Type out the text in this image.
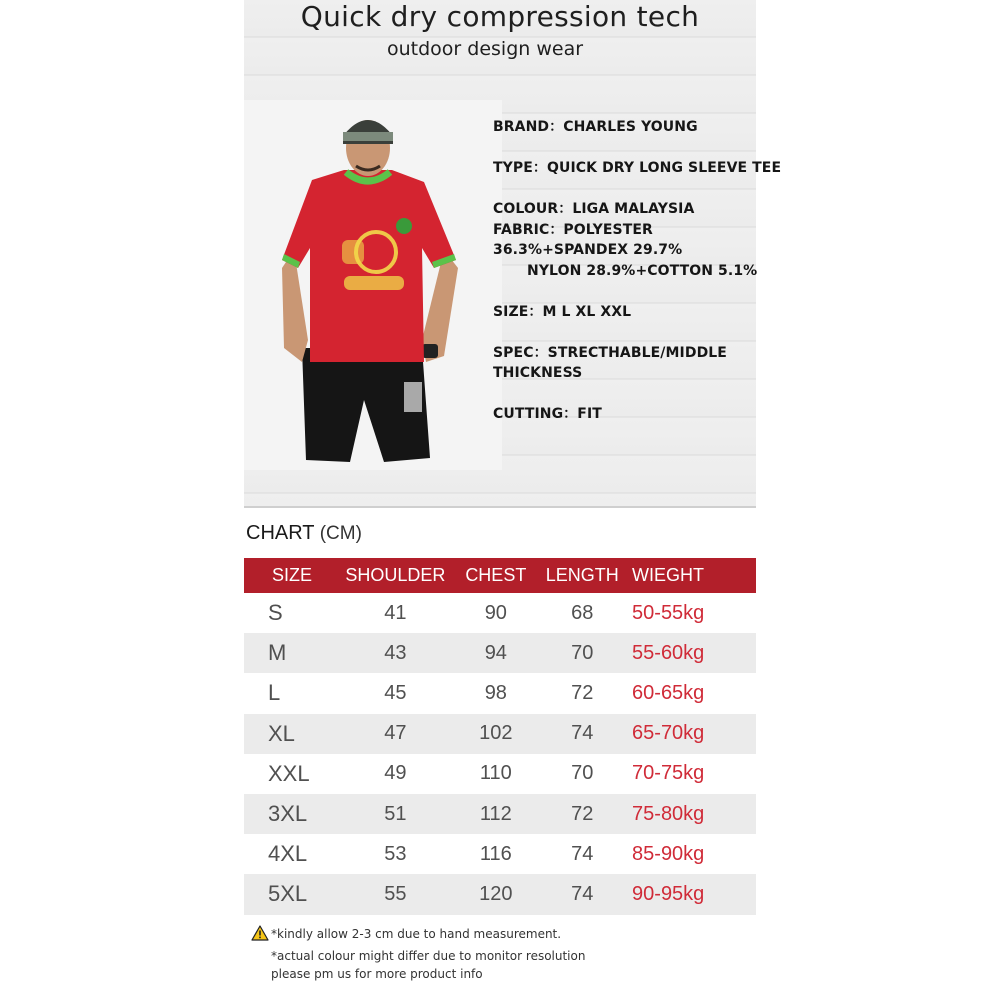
Quick dry compression tech
outdoor design wear
BRAND：CHARLES YOUNG
TYPE：QUICK DRY LONG SLEEVE TEE
COLOUR：LIGA MALAYSIA
FABRIC：POLYESTER
36.3%+SPANDEX 29.7%
NYLON 28.9%+COTTON 5.1%
SIZE：M L XL XXL
SPEC：STRECTHABLE/MIDDLE
THICKNESS
CUTTING：FIT
CHART (CM)
SIZE	SHOULDER	CHEST	LENGTH	WIEGHT
S	41	90	68	50-55kg
M	43	94	70	55-60kg
L	45	98	72	60-65kg
XL	47	102	74	65-70kg
XXL	49	110	70	70-75kg
3XL	51	112	72	75-80kg
4XL	53	116	74	85-90kg
5XL	55	120	74	90-95kg
*kindly allow 2-3 cm due to hand measurement.
*actual colour might differ due to monitor resolution
please pm us for more product info
